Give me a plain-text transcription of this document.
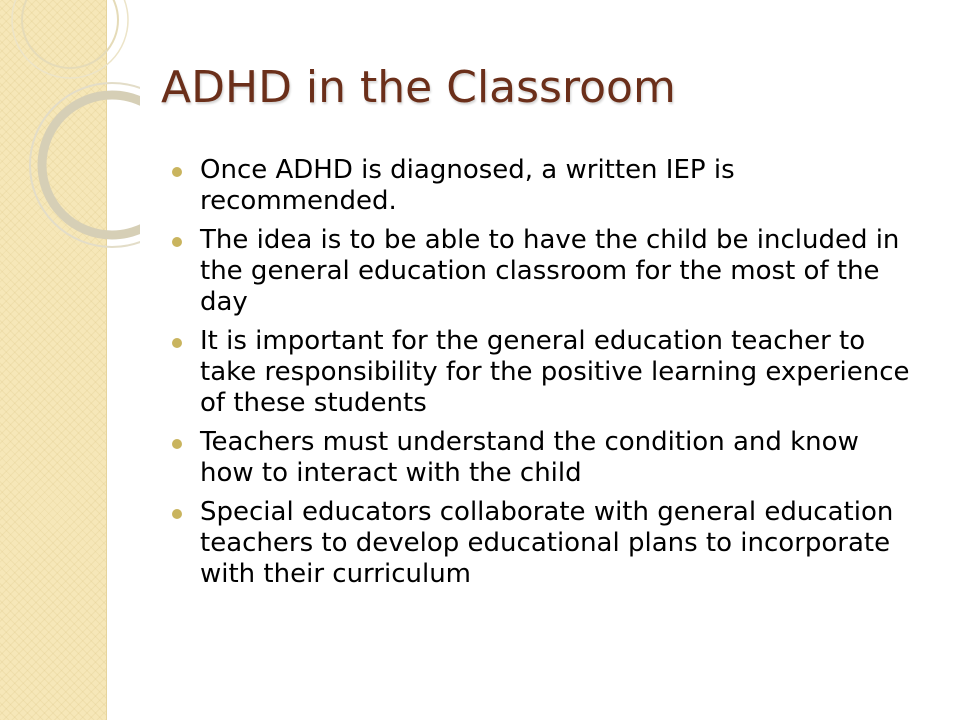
ADHD in the Classroom
Once ADHD is diagnosed, a written IEP is recommended.
The idea is to be able to have the child be included in the general education classroom for the most of the day
It is important for the general education teacher to take responsibility for the positive learning experience of these students
Teachers must understand the condition and know how to interact with the child
Special educators collaborate with general education teachers to develop educational plans to incorporate with their curriculum
